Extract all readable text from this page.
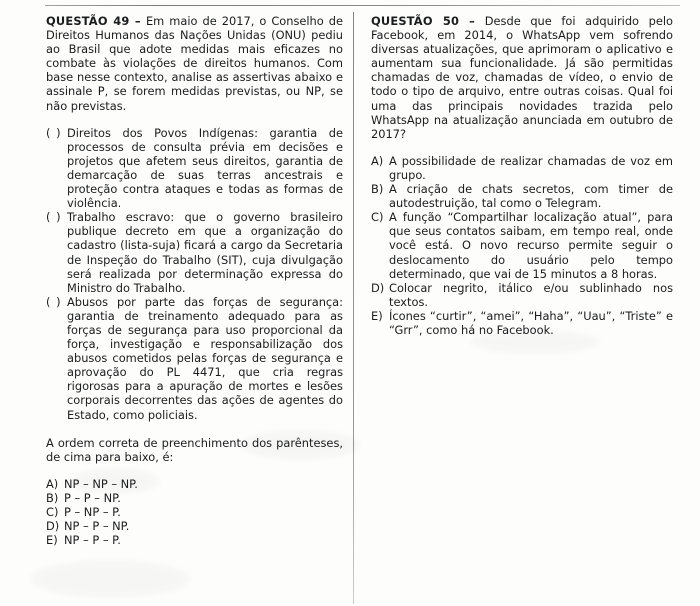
QUESTÃO 49 – Em maio de 2017, o Conselho de Direitos Humanos das Nações Unidas (ONU) pediu ao Brasil que adote medidas mais eficazes no combate às violações de direitos humanos. Com base nesse contexto, analise as assertivas abaixo e assinale P, se forem medidas previstas, ou NP, se não previstas.

( ) Direitos dos Povos Indígenas: garantia de processos de consulta prévia em decisões e projetos que afetem seus direitos, garantia de demarcação de suas terras ancestrais e proteção contra ataques e todas as formas de violência.
( ) Trabalho escravo: que o governo brasileiro publique decreto em que a organização do cadastro (lista-suja) ficará a cargo da Secretaria de Inspeção do Trabalho (SIT), cuja divulgação será realizada por determinação expressa do Ministro do Trabalho.
( ) Abusos por parte das forças de segurança: garantia de treinamento adequado para as forças de segurança para uso proporcional da força, investigação e responsabilização dos abusos cometidos pelas forças de segurança e aprovação do PL 4471, que cria regras rigorosas para a apuração de mortes e lesões corporais decorrentes das ações de agentes do Estado, como policiais.

A ordem correta de preenchimento dos parênteses, de cima para baixo, é:

A) NP – NP – NP.
B) P – P – NP.
C) P – NP – P.
D) NP – P – NP.
E) NP – P – P.

QUESTÃO 50 – Desde que foi adquirido pelo Facebook, em 2014, o WhatsApp vem sofrendo diversas atualizações, que aprimoram o aplicativo e aumentam sua funcionalidade. Já são permitidas chamadas de voz, chamadas de vídeo, o envio de todo o tipo de arquivo, entre outras coisas. Qual foi uma das principais novidades trazida pelo WhatsApp na atualização anunciada em outubro de 2017?

A) A possibilidade de realizar chamadas de voz em grupo.
B) A criação de chats secretos, com timer de autodestruição, tal como o Telegram.
C) A função “Compartilhar localização atual”, para que seus contatos saibam, em tempo real, onde você está. O novo recurso permite seguir o deslocamento do usuário pelo tempo determinado, que vai de 15 minutos a 8 horas.
D) Colocar negrito, itálico e/ou sublinhado nos textos.
E) Ícones “curtir”, “amei”, “Haha”, “Uau”, “Triste” e “Grr”, como há no Facebook.
